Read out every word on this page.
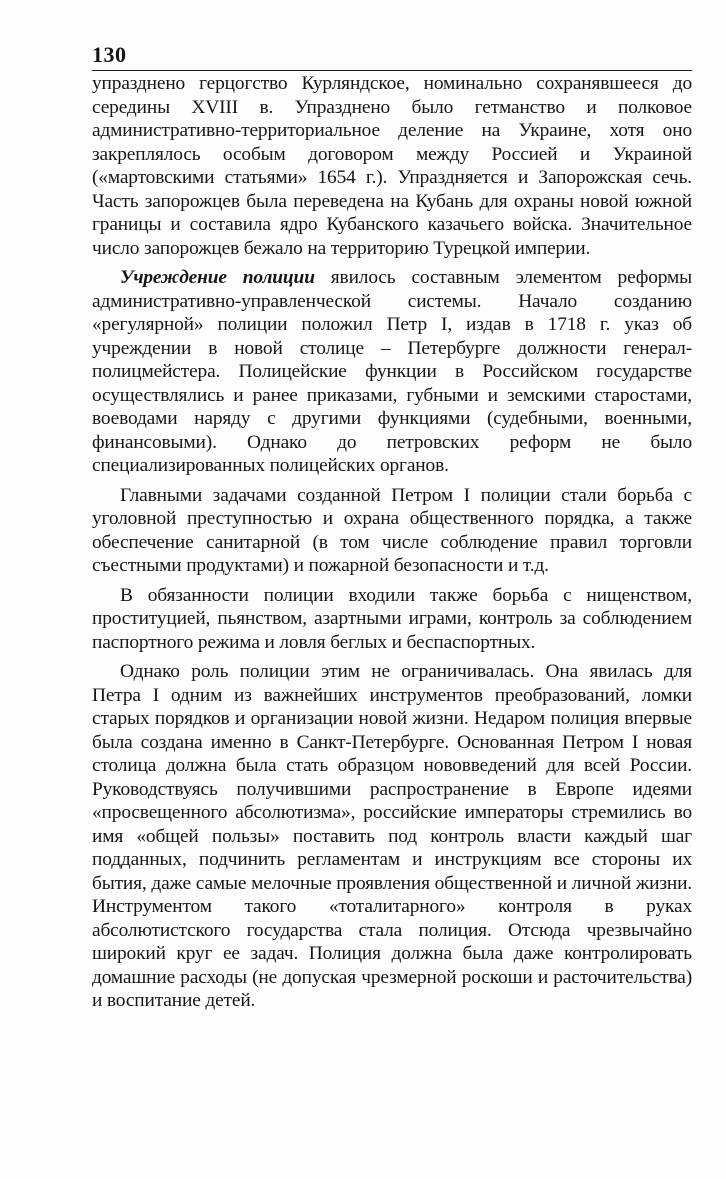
130

упразднено герцогство Курляндское, номинально сохранявшееся до середины XVIII в. Упразднено было гетманство и полковое административно-территориальное деление на Украине, хотя оно закреплялось особым договором между Россией и Украиной («мартовскими статьями» 1654 г.). Упраздняется и Запорожская сечь. Часть запорожцев была переведена на Кубань для охраны новой южной границы и составила ядро Кубанского казачьего войска. Значительное число запорожцев бежало на территорию Турецкой империи.

Учреждение полиции явилось составным элементом реформы административно-управленческой системы. Начало созданию «регулярной» полиции положил Петр I, издав в 1718 г. указ об учреждении в новой столице – Петербурге должности генерал-полицмейстера. Полицейские функции в Российском государстве осуществлялись и ранее приказами, губными и земскими старостами, воеводами наряду с другими функциями (судебными, военными, финансовыми). Однако до петровских реформ не было специализированных полицейских органов.

Главными задачами созданной Петром I полиции стали борьба с уголовной преступностью и охрана общественного порядка, а также обеспечение санитарной (в том числе соблюдение правил торговли съестными продуктами) и пожарной безопасности и т.д.

В обязанности полиции входили также борьба с нищенством, проституцией, пьянством, азартными играми, контроль за соблюдением паспортного режима и ловля беглых и беспаспортных.

Однако роль полиции этим не ограничивалась. Она явилась для Петра I одним из важнейших инструментов преобразований, ломки старых порядков и организации новой жизни. Недаром полиция впервые была создана именно в Санкт-Петербурге. Основанная Петром I новая столица должна была стать образцом нововведений для всей России. Руководствуясь получившими распространение в Европе идеями «просвещенного абсолютизма», российские императоры стремились во имя «общей пользы» поставить под контроль власти каждый шаг подданных, подчинить регламентам и инструкциям все стороны их бытия, даже самые мелочные проявления общественной и личной жизни. Инструментом такого «тоталитарного» контроля в руках абсолютистского государства стала полиция. Отсюда чрезвычайно широкий круг ее задач. Полиция должна была даже контролировать домашние расходы (не допуская чрезмерной роскоши и расточительства) и воспитание детей.
